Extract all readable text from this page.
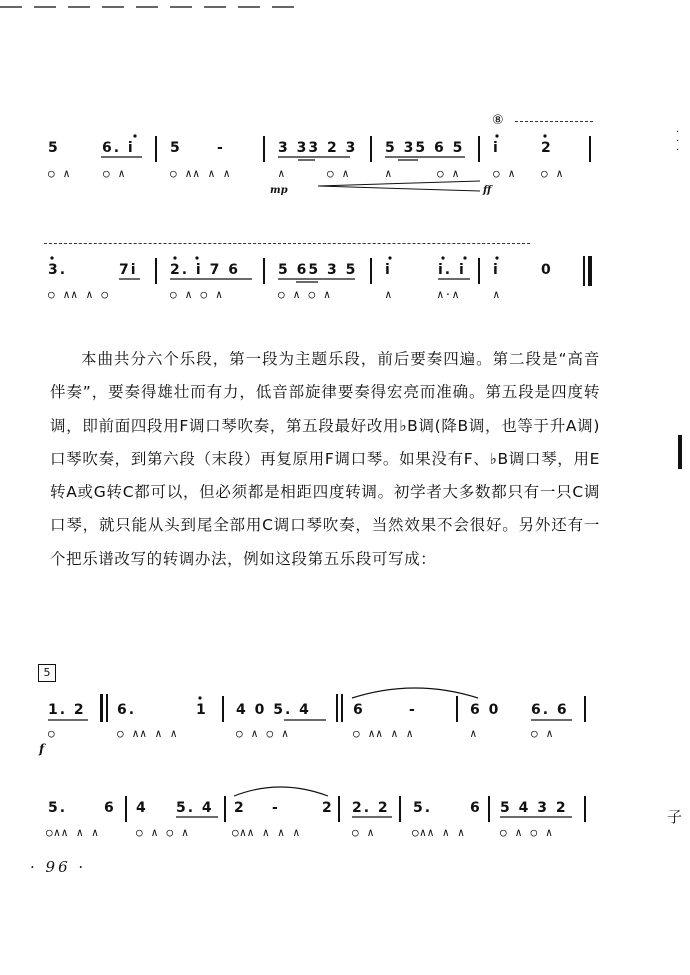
5	6. i	5	-	3 33 2 3 5 35 6 5 i	2
○ ∧	○ ∧	○ ∧∧ ∧ ∧	∧	○ ∧	∧	○ ∧	○ ∧ ○ ∧
⑧
mp	ff
3.	7i 2. i 7 6	5 65 3 5 i	i. i i	0
○ ∧∧ ∧ ○	○ ∧ ○ ∧	○ ∧ ○ ∧	∧	∧·∧	∧

本曲共分六个乐段，第一段为主题乐段，前后要奏四遍。第二段是“高音伴奏”，要奏得雄壮而有力，低音部旋律要奏得宏亮而准确。第五段是四度转调，即前面四段用F调口琴吹奏，第五段最好改用♭B调(降B调，也等于升A调)口琴吹奏，到第六段（末段）再复原用F调口琴。如果没有F、♭B调口琴，用E转A或G转C都可以，但必须都是相距四度转调。初学者大多数都只有一只C调口琴，就只能从头到尾全部用C调口琴吹奏，当然效果不会很好。另外还有一个把乐谱改写的转调办法，例如这段第五乐段可写成：

5
f
1. 2 6.	1 4 0 5. 4	6	-	6 0 6. 6
○	○ ∧∧ ∧ ∧	○ ∧ ○ ∧	○ ∧∧ ∧ ∧	∧	○ ∧
5.	6 4 5. 4 2 -	2 2. 2 5.	6 5 4 3 2
○∧∧ ∧ ∧	○ ∧ ○ ∧	○∧∧ ∧ ∧ ∧	○ ∧	○∧∧ ∧ ∧	○ ∧ ○ ∧
· 96 ·
子
·
·
·
